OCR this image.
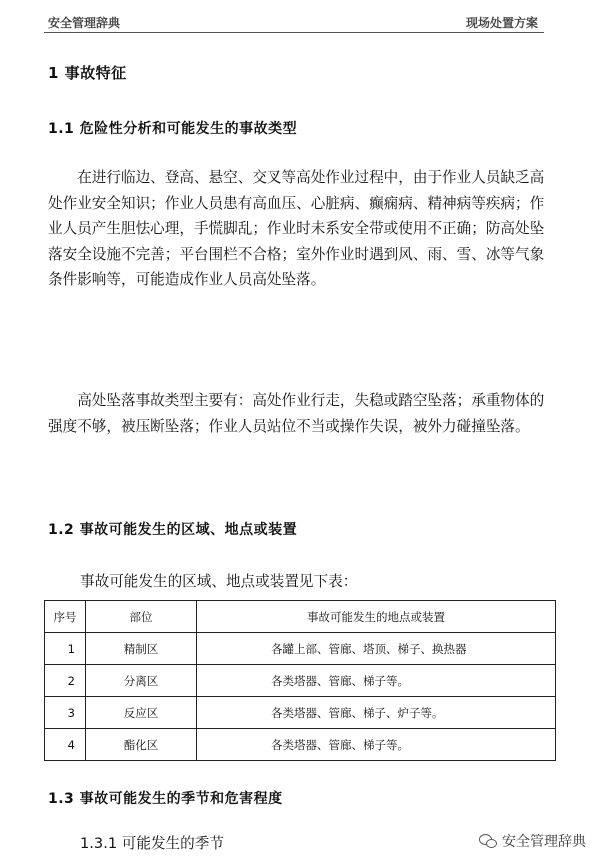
安全管理辞典	现场处置方案
1 事故特征
1.1 危险性分析和可能发生的事故类型

在进行临边、登高、悬空、交叉等高处作业过程中，由于作业人员缺乏高处作业安全知识；作业人员患有高血压、心脏病、癫痫病、精神病等疾病；作业人员产生胆怯心理，手慌脚乱；作业时未系安全带或使用不正确；防高处坠落安全设施不完善；平台围栏不合格；室外作业时遇到风、雨、雪、冰等气象条件影响等，可能造成作业人员高处坠落。

高处坠落事故类型主要有：高处作业行走，失稳或踏空坠落；承重物体的强度不够，被压断坠落；作业人员站位不当或操作失误，被外力碰撞坠落。

1.2 事故可能发生的区域、地点或装置
事故可能发生的区域、地点或装置见下表：
序号	部位	事故可能发生的地点或装置
1	精制区	各罐上部、管廊、塔顶、梯子、换热器
2	分离区	各类塔器、管廊、梯子等。
3	反应区	各类塔器、管廊、梯子、炉子等。
4	酯化区	各类塔器、管廊、梯子等。
1.3 事故可能发生的季节和危害程度
1.3.1 可能发生的季节	安全管理辞典
